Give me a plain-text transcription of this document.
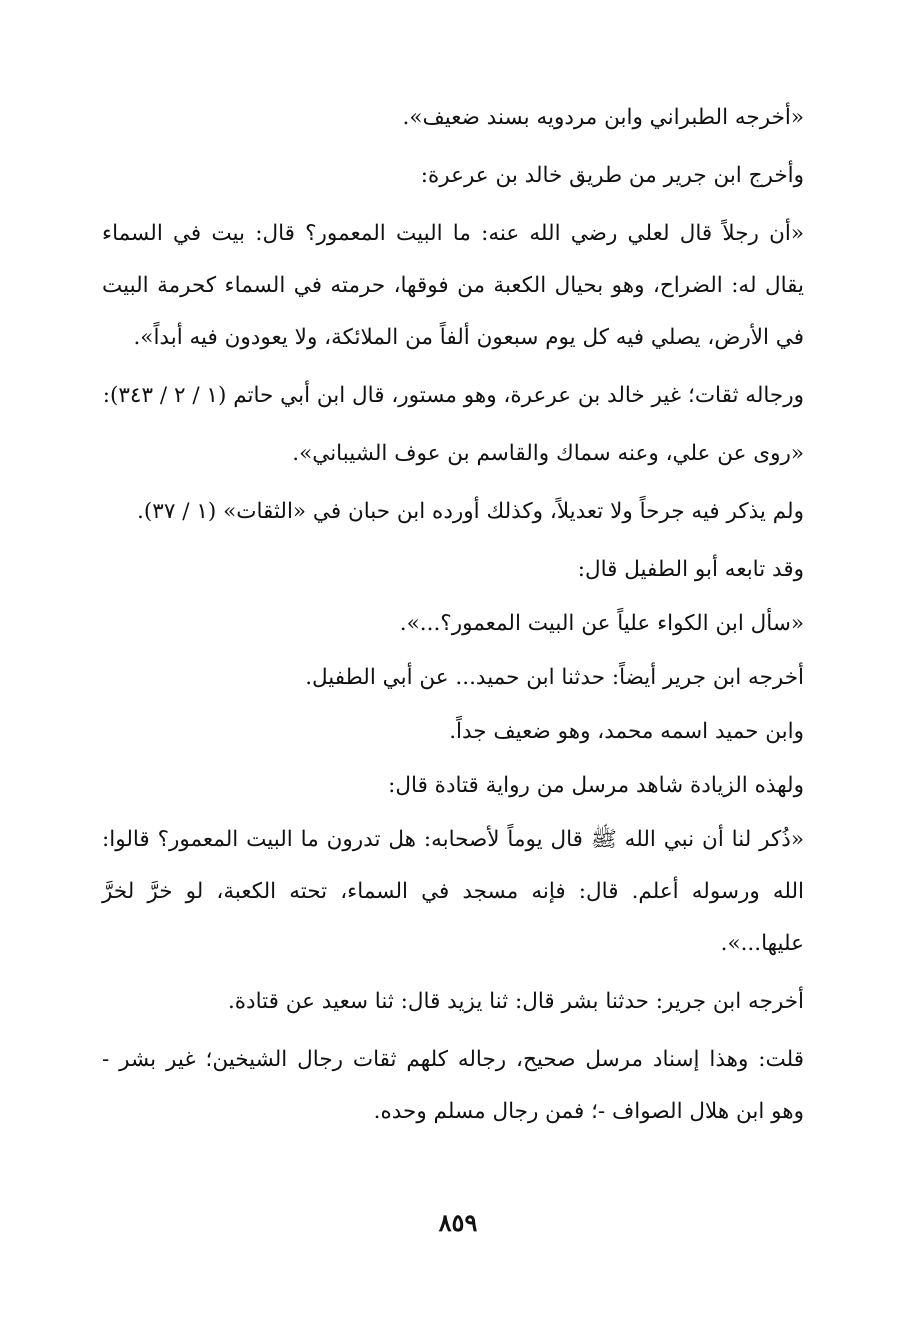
«أخرجه الطبراني وابن مردويه بسند ضعيف».

وأخرج ابن جرير من طريق خالد بن عرعرة:

«أن رجلاً قال لعلي رضي الله عنه: ما البيت المعمور؟ قال: بيت في السماء يقال له: الضراح، وهو بحيال الكعبة من فوقها، حرمته في السماء كحرمة البيت في الأرض، يصلي فيه كل يوم سبعون ألفاً من الملائكة، ولا يعودون فيه أبداً».

ورجاله ثقات؛ غير خالد بن عرعرة، وهو مستور، قال ابن أبي حاتم (١ / ٢ / ٣٤٣):

«روى عن علي، وعنه سماك والقاسم بن عوف الشيباني».

ولم يذكر فيه جرحاً ولا تعديلاً، وكذلك أورده ابن حبان في «الثقات» (١ / ٣٧).

وقد تابعه أبو الطفيل قال:

«سأل ابن الكواء علياً عن البيت المعمور؟...».

أخرجه ابن جرير أيضاً: حدثنا ابن حميد... عن أبي الطفيل.

وابن حميد اسمه محمد، وهو ضعيف جداً.

ولهذه الزيادة شاهد مرسل من رواية قتادة قال:

«ذُكر لنا أن نبي الله ﷺ قال يوماً لأصحابه: هل تدرون ما البيت المعمور؟ قالوا: الله ورسوله أعلم. قال: فإنه مسجد في السماء، تحته الكعبة، لو خرَّ لخرَّ عليها...».

أخرجه ابن جرير: حدثنا بشر قال: ثنا يزيد قال: ثنا سعيد عن قتادة.

قلت: وهذا إسناد مرسل صحيح، رجاله كلهم ثقات رجال الشيخين؛ غير بشر - وهو ابن هلال الصواف -؛ فمن رجال مسلم وحده.

٨٥٩
